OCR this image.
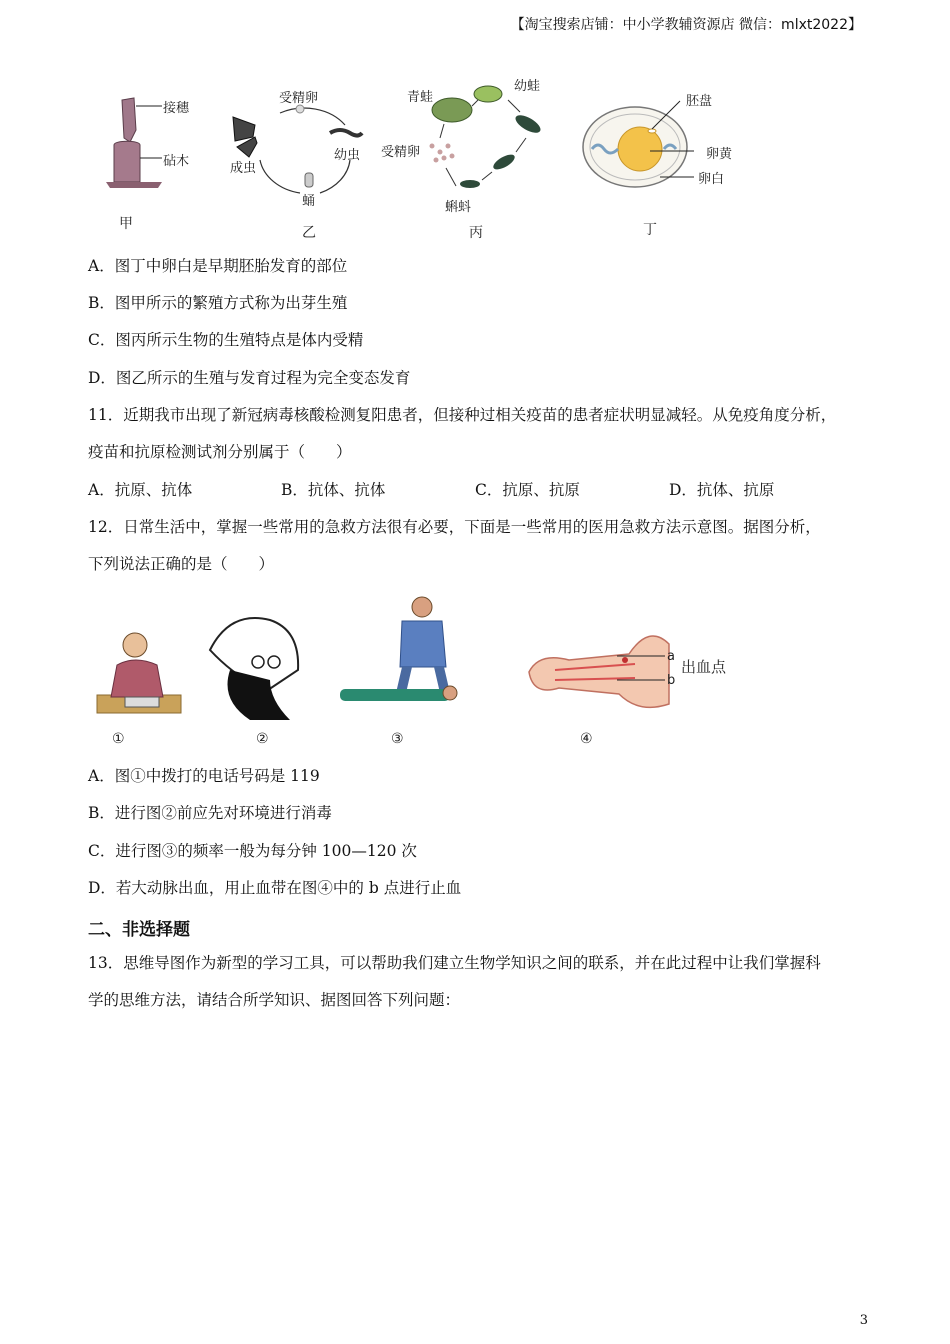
【淘宝搜索店铺：中小学教辅资源店 微信：mlxt2022】
接穗
砧木
甲
受精卵
幼虫
蛹
成虫
乙
青蛙
幼蛙
受精卵
蝌蚪
丙
胚盘
卵黄
卵白
丁
A．图丁中卵白是早期胚胎发育的部位
B．图甲所示的繁殖方式称为出芽生殖
C．图丙所示生物的生殖特点是体内受精
D．图乙所示的生殖与发育过程为完全变态发育
11．近期我市出现了新冠病毒核酸检测复阳患者，但接种过相关疫苗的患者症状明显减轻。从免疫角度分析，
疫苗和抗原检测试剂分别属于（　　）
A．抗原、抗体	B．抗体、抗体	C．抗原、抗原	D．抗体、抗原
12．日常生活中，掌握一些常用的急救方法很有必要，下面是一些常用的医用急救方法示意图。据图分析，
下列说法正确的是（　　）
①	②	③
a
b
出血点
④
A．图①中拨打的电话号码是 119
B．进行图②前应先对环境进行消毒
C．进行图③的频率一般为每分钟 100—120 次
D．若大动脉出血，用止血带在图④中的 b 点进行止血
二、非选择题
13．思维导图作为新型的学习工具，可以帮助我们建立生物学知识之间的联系，并在此过程中让我们掌握科
学的思维方法，请结合所学知识、据图回答下列问题：
3
